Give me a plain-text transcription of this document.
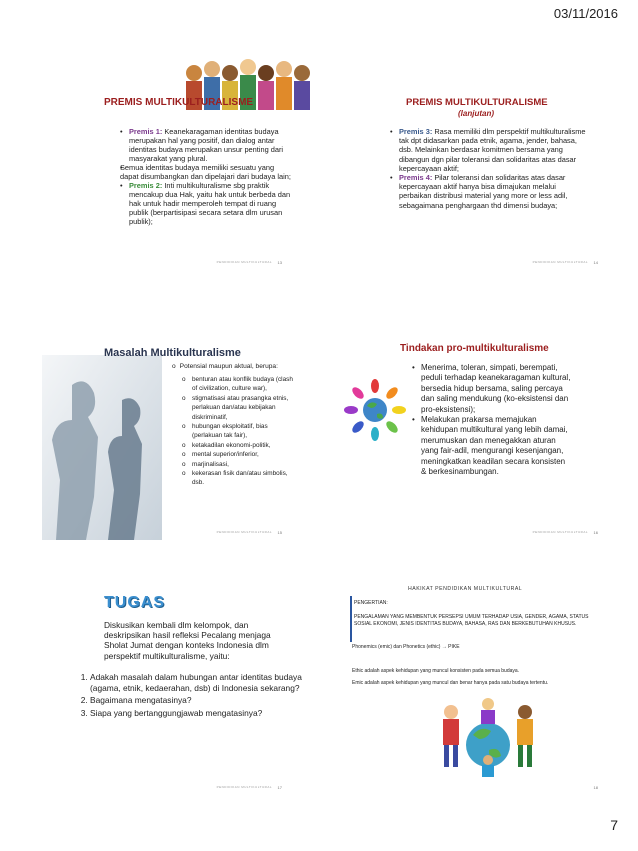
03/11/2016
PREMIS MULTIKULTURALISME
• Premis 1: Keanekaragaman identitas budaya merupakan hal yang positif, dan dialog antar identitas budaya merupakan unsur penting dari masyarakat yang plural.
• Semua identitas budaya memiliki sesuatu yang dapat disumbangkan dan dipelajari dari budaya lain;
• Premis 2: Inti multikulturalisme sbg praktik mencakup dua Hak, yaitu hak untuk berbeda dan hak untuk hadir memperoleh tempat di ruang publik (berpartisipasi secara setara dlm urusan publik);
PENDIDIKAN MULTIKULTURAL 13
PREMIS MULTIKULTURALISME
(lanjutan)
• Premis 3: Rasa memiliki dlm perspektif multikulturalisme tak dpt didasarkan pada etnik, agama, jender, bahasa, dsb. Melainkan berdasar komitmen bersama yang dibangun dgn pilar toleransi dan solidaritas atas dasar kepercayaan aktif;
• Premis 4: Pilar toleransi dan solidaritas atas dasar kepercayaan aktif hanya bisa dimajukan melalui perbaikan distribusi material yang more or less adil, sebagaimana penghargaan thd dimensi budaya;
PENDIDIKAN MULTIKULTURAL 14
Masalah Multikulturalisme
o Potensial maupun aktual, berupa:
o benturan atau konflik budaya (clash of civilization, culture war),
o stigmatisasi atau prasangka etnis, perlakuan dan/atau kebijakan diskriminatif,
o hubungan eksploitatif, bias (perlakuan tak fair),
o ketakadilan ekonomi-politik,
o mental superior/inferior,
o marjinalisasi,
o kekerasan fisik dan/atau simbolis, dsb.
PENDIDIKAN MULTIKULTURAL 15
Tindakan pro-multikulturalisme
• Menerima, toleran, simpati, berempati, peduli terhadap keanekaragaman kultural, bersedia hidup bersama, saling percaya dan saling mendukung (ko-eksistensi dan pro-eksistensi);
• Melakukan prakarsa memajukan kehidupan multikultural yang lebih damai, merumuskan dan menegakkan aturan yang fair-adil, mengurangi kesenjangan, meningkatkan keadilan secara konsisten & berkesinambungan.
PENDIDIKAN MULTIKULTURAL 16
TUGAS
Diskusikan kembali dlm kelompok, dan deskripsikan hasil refleksi Pecalang menjaga Sholat Jumat dengan konteks Indonesia dlm perspektif multikulturalisme, yaitu:
1. Adakah masalah dalam hubungan antar identitas budaya (agama, etnik, kedaerahan, dsb) di Indonesia sekarang?
2. Bagaimana mengatasinya?
3. Siapa yang bertanggungjawab mengatasinya?
PENDIDIKAN MULTIKULTURAL 17
HAKIKAT PENDIDIKAN MULTIKULTURAL
PENGERTIAN:
PENGALAMAN YANG MEMBENTUK PERSEPSI UMUM TERHADAP USIA, GENDER, AGAMA, STATUS SOSIAL EKONOMI, JENIS IDENTITAS BUDAYA, BAHASA, RAS DAN BERKEBUTUHAN KHUSUS.
Phonemics (emic) dan Phonetics (ethic) → PIKE
Ethic adalah aspek kehidupan yang muncul konsisten pada semua budaya.
Emic adalah aspek kehidupan yang muncul dan benar hanya pada satu budaya tertentu.
18
7
